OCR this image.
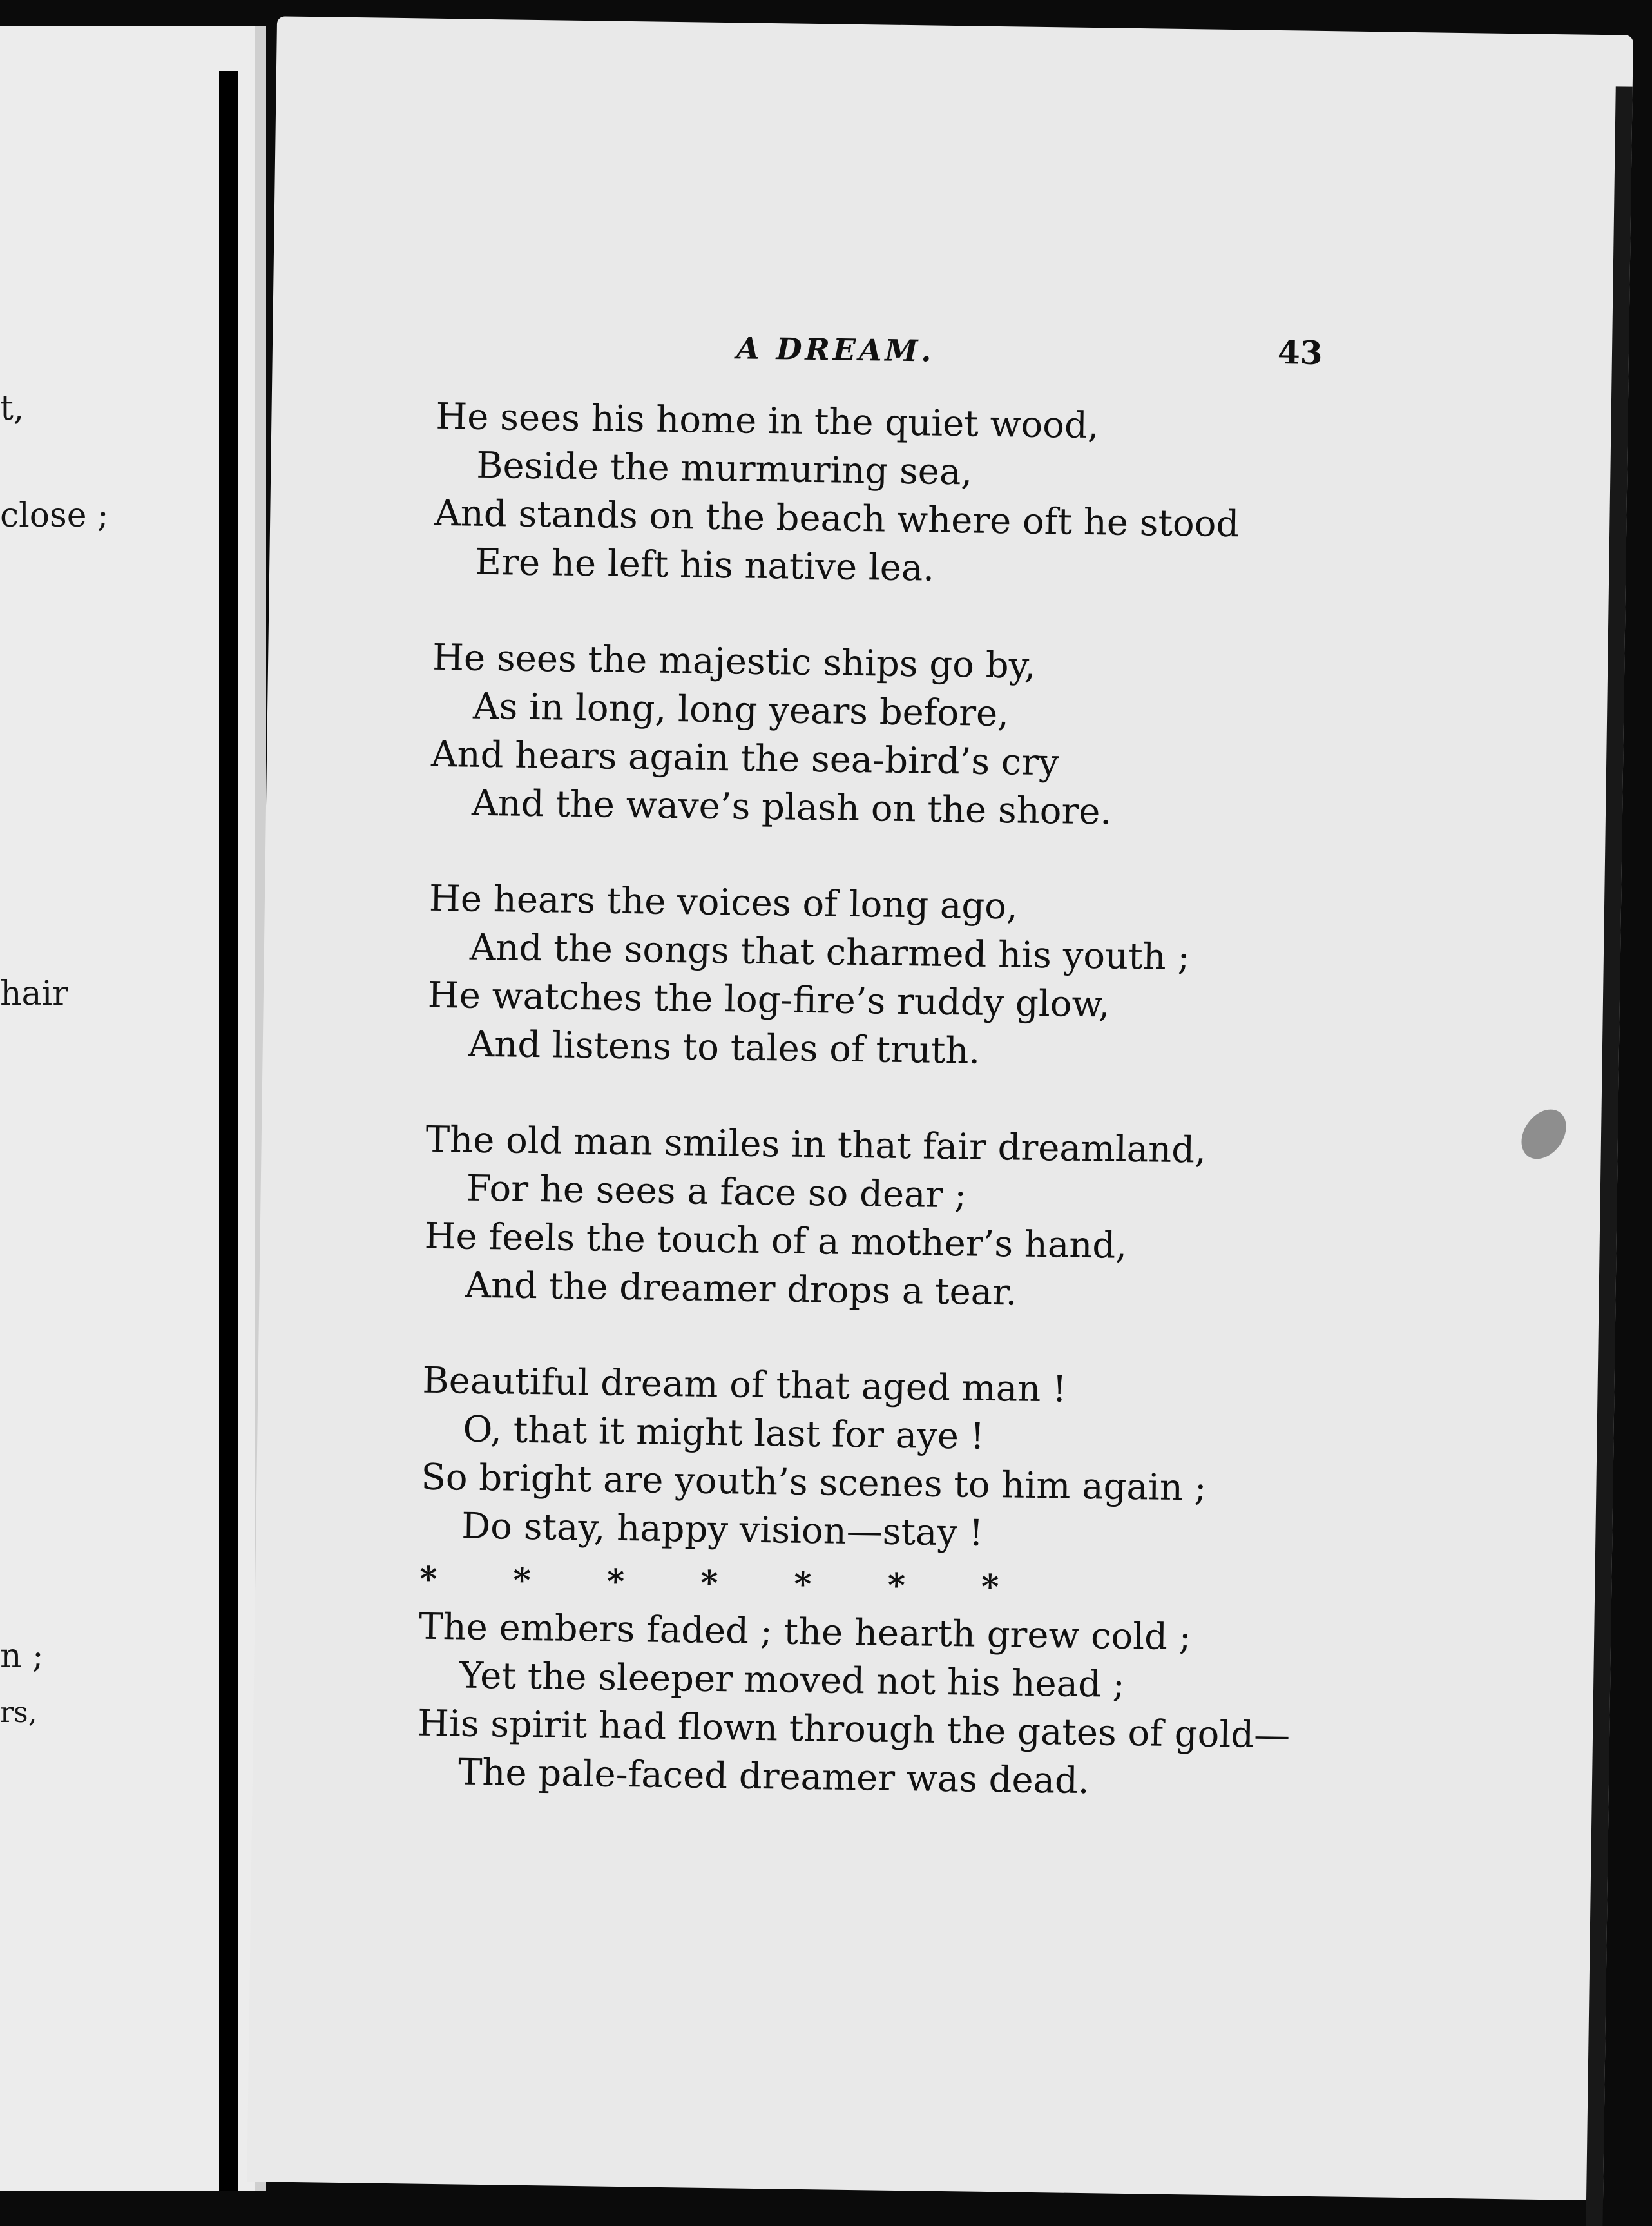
t,
close ;
hair
n ;
rs,
A DREAM.	43
He sees his home in the quiet wood,
Beside the murmuring sea,
And stands on the beach where oft he stood
Ere he left his native lea.
He sees the majestic ships go by,
As in long, long years before,
And hears again the sea-bird’s cry
And the wave’s plash on the shore.
He hears the voices of long ago,
And the songs that charmed his youth ;
He watches the log-fire’s ruddy glow,
And listens to tales of truth.
The old man smiles in that fair dreamland,
For he sees a face so dear ;
He feels the touch of a mother’s hand,
And the dreamer drops a tear.
Beautiful dream of that aged man !
O, that it might last for aye !
So bright are youth’s scenes to him again ;
Do stay, happy vision—stay !
* * * * * * *
The embers faded ; the hearth grew cold ;
Yet the sleeper moved not his head ;
His spirit had flown through the gates of gold—
The pale-faced dreamer was dead.
